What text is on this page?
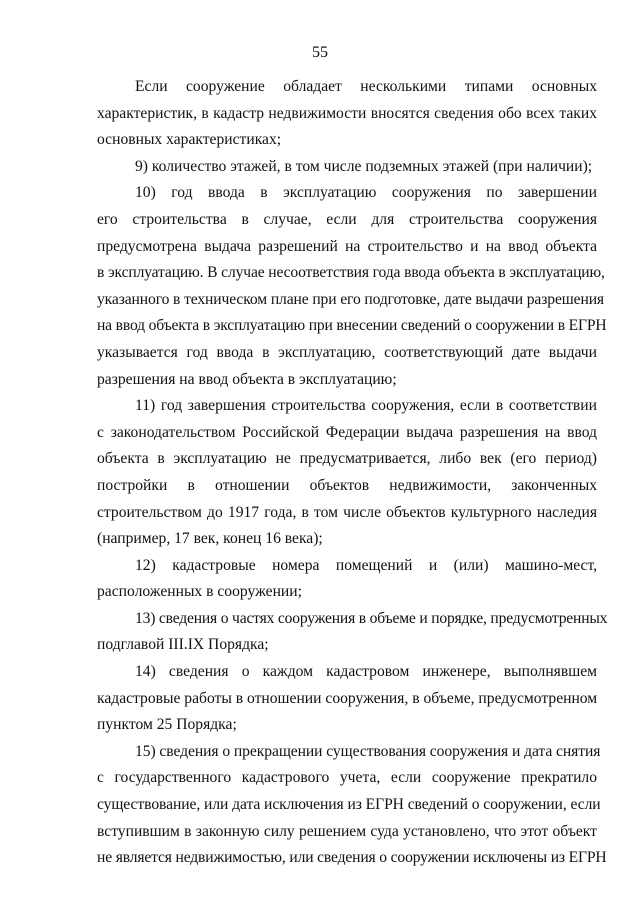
55
Если сооружение обладает несколькими типами основных
характеристик, в кадастр недвижимости вносятся сведения обо всех таких
основных характеристиках;
9) количество этажей, в том числе подземных этажей (при наличии);
10) год ввода в эксплуатацию сооружения по завершении
его строительства в случае, если для строительства сооружения
предусмотрена выдача разрешений на строительство и на ввод объекта
в эксплуатацию. В случае несоответствия года ввода объекта в эксплуатацию,
указанного в техническом плане при его подготовке, дате выдачи разрешения
на ввод объекта в эксплуатацию при внесении сведений о сооружении в ЕГРН
указывается год ввода в эксплуатацию, соответствующий дате выдачи
разрешения на ввод объекта в эксплуатацию;
11) год завершения строительства сооружения, если в соответствии
с законодательством Российской Федерации выдача разрешения на ввод
объекта в эксплуатацию не предусматривается, либо век (его период)
постройки в отношении объектов недвижимости, законченных
строительством до 1917 года, в том числе объектов культурного наследия
(например, 17 век, конец 16 века);
12) кадастровые номера помещений и (или) машино-мест,
расположенных в сооружении;
13) сведения о частях сооружения в объеме и порядке, предусмотренных
подглавой III.IX Порядка;
14) сведения о каждом кадастровом инженере, выполнявшем
кадастровые работы в отношении сооружения, в объеме, предусмотренном
пунктом 25 Порядка;
15) сведения о прекращении существования сооружения и дата снятия
с государственного кадастрового учета, если сооружение прекратило
существование, или дата исключения из ЕГРН сведений о сооружении, если
вступившим в законную силу решением суда установлено, что этот объект
не является недвижимостью, или сведения о сооружении исключены из ЕГРН
